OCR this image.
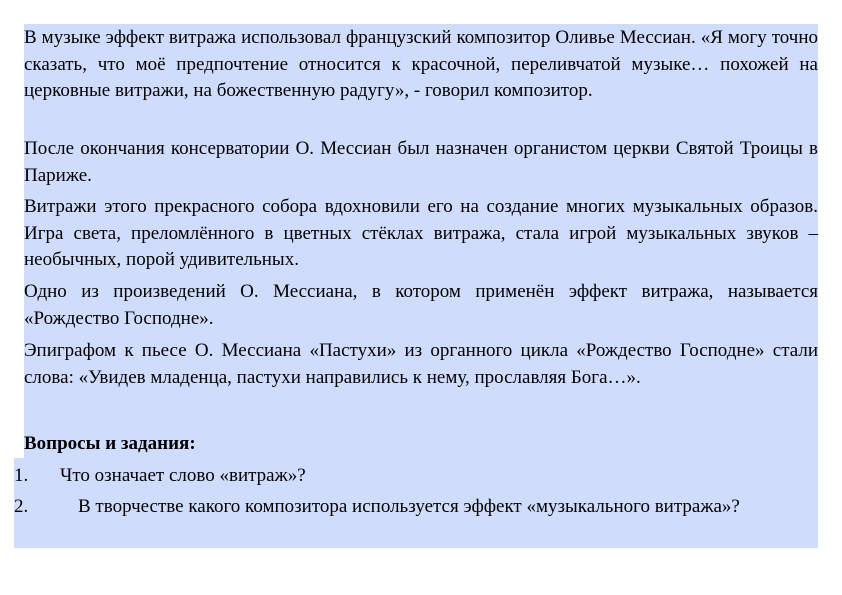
В музыке эффект витража использовал французский композитор Оливье Мессиан. «Я могу точно сказать, что моё предпочтение относится к красочной, переливчатой музыке… похожей на церковные витражи, на божественную радугу», - говорил композитор.

После окончания консерватории О. Мессиан был назначен органистом церкви Святой Троицы в Париже.

Витражи этого прекрасного собора вдохновили его на создание многих музыкальных образов. Игра света, преломлённого в цветных стёклах витража, стала игрой музыкальных звуков – необычных, порой удивительных.

Одно из произведений О. Мессиана, в котором применён эффект витража, называется «Рождество Господне».

Эпиграфом к пьесе О. Мессиана «Пастухи» из органного цикла «Рождество Господне» стали слова: «Увидев младенца, пастухи направились к нему, прославляя Бога…».

Вопросы и задания:

1.	Что означает слово «витраж»?
2.	В творчестве какого композитора используется эффект «музыкального витража»?
